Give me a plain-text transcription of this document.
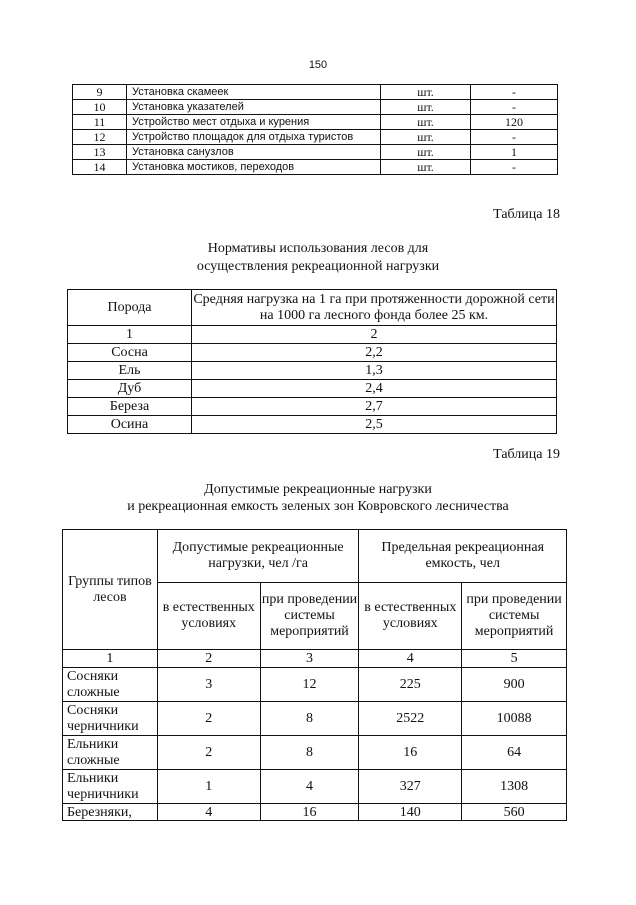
150
9	Установка скамеек	шт.	-
10	Установка указателей	шт.	-
11	Устройство мест отдыха и курения	шт.	120
12	Устройство площадок для отдыха туристов	шт.	-
13	Установка санузлов	шт.	1
14	Установка мостиков, переходов	шт.	-
Таблица 18
Нормативы использования лесов для
осуществления рекреационной нагрузки
Порода	Средняя нагрузка на 1 га при протяженности дорожной сети на 1000 га лесного фонда более 25 км.
1	2
Сосна	2,2
Ель	1,3
Дуб	2,4
Береза	2,7
Осина	2,5
Таблица 19
Допустимые рекреационные нагрузки
и рекреационная емкость зеленых зон Ковровского лесничества
Группы типов лесов	Допустимые рекреационные нагрузки, чел /га		Предельная рекреационная емкость, чел	
	в естественных условиях	при проведении системы мероприятий	в естественных условиях	при проведении системы мероприятий
1	2	3	4	5
Сосняки сложные	3	12	225	900
Сосняки черничники	2	8	2522	10088
Ельники сложные	2	8	16	64
Ельники черничники	1	4	327	1308
Березняки,	4	16	140	560
